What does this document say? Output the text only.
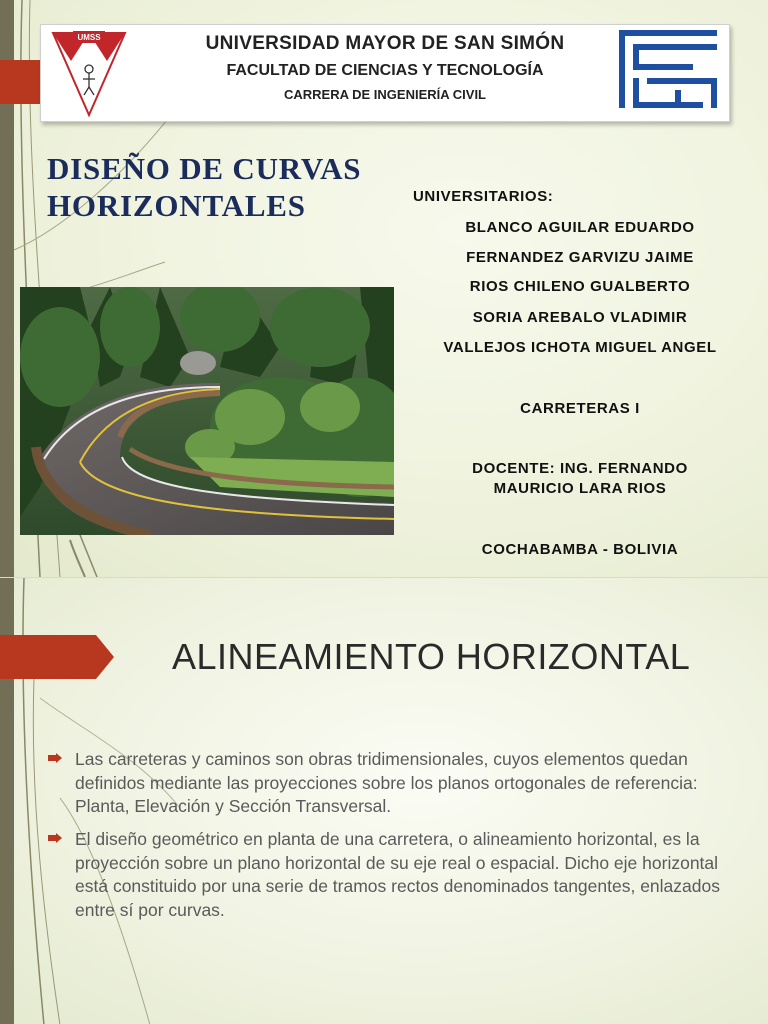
UMSS	UNIVERSIDAD MAYOR DE SAN SIMÓN
FACULTAD DE CIENCIAS Y TECNOLOGÍA
CARRERA DE INGENIERÍA CIVIL
DISEÑO DE CURVAS
HORIZONTALES	UNIVERSITARIOS:
BLANCO AGUILAR EDUARDO
FERNANDEZ GARVIZU JAIME
RIOS CHILENO GUALBERTO
SORIA AREBALO VLADIMIR
VALLEJOS ICHOTA MIGUEL ANGEL
CARRETERAS I
DOCENTE: ING. FERNANDO
MAURICIO LARA RIOS
COCHABAMBA - BOLIVIA
ALINEAMIENTO HORIZONTAL
Las carreteras y caminos son obras tridimensionales, cuyos elementos quedan definidos mediante las proyecciones sobre los planos ortogonales de referencia: Planta, Elevación y Sección Transversal.
El diseño geométrico en planta de una carretera, o alineamiento horizontal, es la proyección sobre un plano horizontal de su eje real o espacial. Dicho eje horizontal está constituido por una serie de tramos rectos denominados tangentes, enlazados entre sí por curvas.
